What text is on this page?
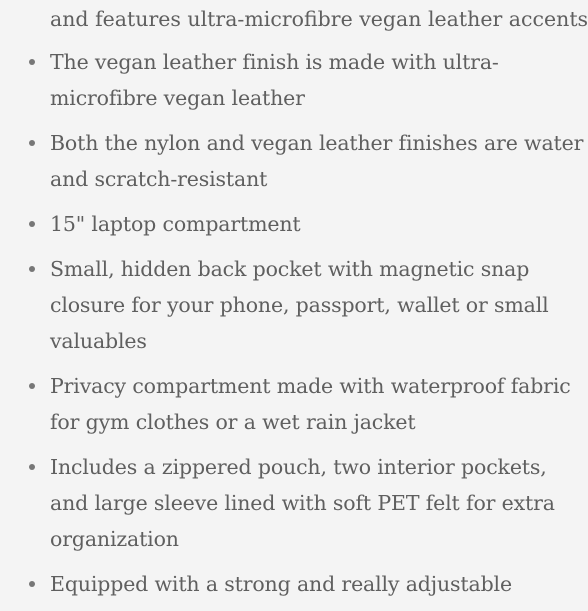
and features ultra-microfibre vegan leather accents
The vegan leather finish is made with ultra-
microfibre vegan leather
Both the nylon and vegan leather finishes are water
and scratch-resistant
15" laptop compartment
Small, hidden back pocket with magnetic snap
closure for your phone, passport, wallet or small
valuables
Privacy compartment made with waterproof fabric
for gym clothes or a wet rain jacket
Includes a zippered pouch, two interior pockets,
and large sleeve lined with soft PET felt for extra
organization
Equipped with a strong and really adjustable
